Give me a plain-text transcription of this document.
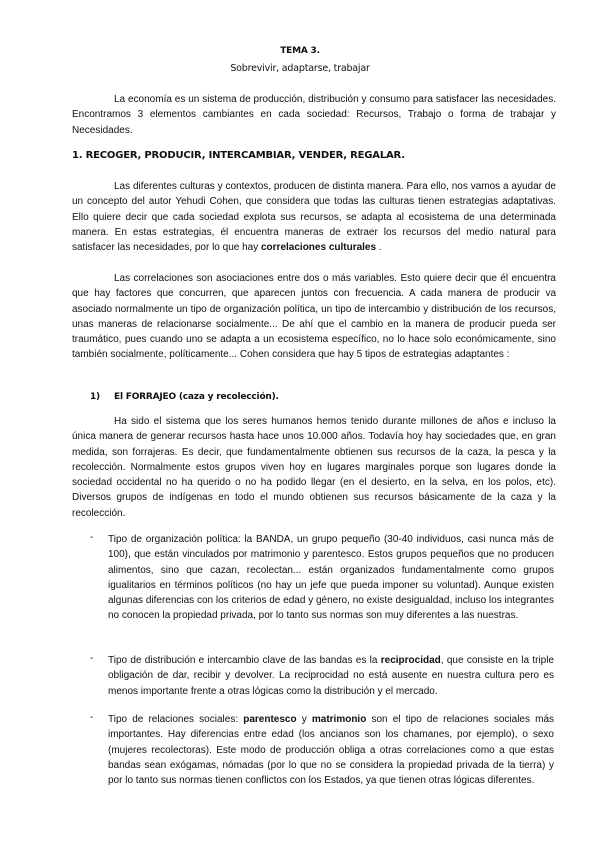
TEMA 3.
Sobrevivir, adaptarse, trabajar

La economía es un sistema de producción, distribución y consumo para satisfacer las necesidades. Encontramos 3 elementos cambiantes en cada sociedad: Recursos, Trabajo o forma de trabajar y Necesidades.

1. RECOGER, PRODUCIR, INTERCAMBIAR, VENDER, REGALAR.

Las diferentes culturas y contextos, producen de distinta manera. Para ello, nos vamos a ayudar de un concepto del autor Yehudi Cohen, que considera que todas las culturas tienen estrategias adaptativas. Ello quiere decir que cada sociedad explota sus recursos, se adapta al ecosistema de una determinada manera. En estas estrategias, él encuentra maneras de extraer los recursos del medio natural para satisfacer las necesidades, por lo que hay correlaciones culturales .

Las correlaciones son asociaciones entre dos o más variables. Esto quiere decir que él encuentra que hay factores que concurren, que aparecen juntos con frecuencia. A cada manera de producir va asociado normalmente un tipo de organización política, un tipo de intercambio y distribución de los recursos, unas maneras de relacionarse socialmente... De ahí que el cambio en la manera de producir pueda ser traumático, pues cuando uno se adapta a un ecosistema específico, no lo hace solo económicamente, sino también socialmente, políticamente... Cohen considera que hay 5 tipos de estrategias adaptantes :

1) El FORRAJEO (caza y recolección).

Ha sido el sistema que los seres humanos hemos tenido durante millones de años e incluso la única manera de generar recursos hasta hace unos 10.000 años. Todavía hoy hay sociedades que, en gran medida, son forrajeras. Es decir, que fundamentalmente obtienen sus recursos de la caza, la pesca y la recolección. Normalmente estos grupos viven hoy en lugares marginales porque son lugares donde la sociedad occidental no ha querido o no ha podido llegar (en el desierto, en la selva, en los polos, etc). Diversos grupos de indígenas en todo el mundo obtienen sus recursos básicamente de la caza y la recolección.

- Tipo de organización política: la BANDA, un grupo pequeño (30-40 individuos, casi nunca más de 100), que están vinculados por matrimonio y parentesco. Estos grupos pequeños que no producen alimentos, sino que cazan, recolectan... están organizados fundamentalmente como grupos igualitarios en términos políticos (no hay un jefe que pueda imponer su voluntad). Aunque existen algunas diferencias con los criterios de edad y género, no existe desigualdad, incluso los integrantes no conocen la propiedad privada, por lo tanto sus normas son muy diferentes a las nuestras.

- Tipo de distribución e intercambio clave de las bandas es la reciprocidad, que consiste en la triple obligación de dar, recibir y devolver. La reciprocidad no está ausente en nuestra cultura pero es menos importante frente a otras lógicas como la distribución y el mercado.

- Tipo de relaciones sociales: parentesco y matrimonio son el tipo de relaciones sociales más importantes. Hay diferencias entre edad (los ancianos son los chamanes, por ejemplo), o sexo (mujeres recolectoras). Este modo de producción obliga a otras correlaciones como a que estas bandas sean exógamas, nómadas (por lo que no se considera la propiedad privada de la tierra) y por lo tanto sus normas tienen conflictos con los Estados, ya que tienen otras lógicas diferentes.
